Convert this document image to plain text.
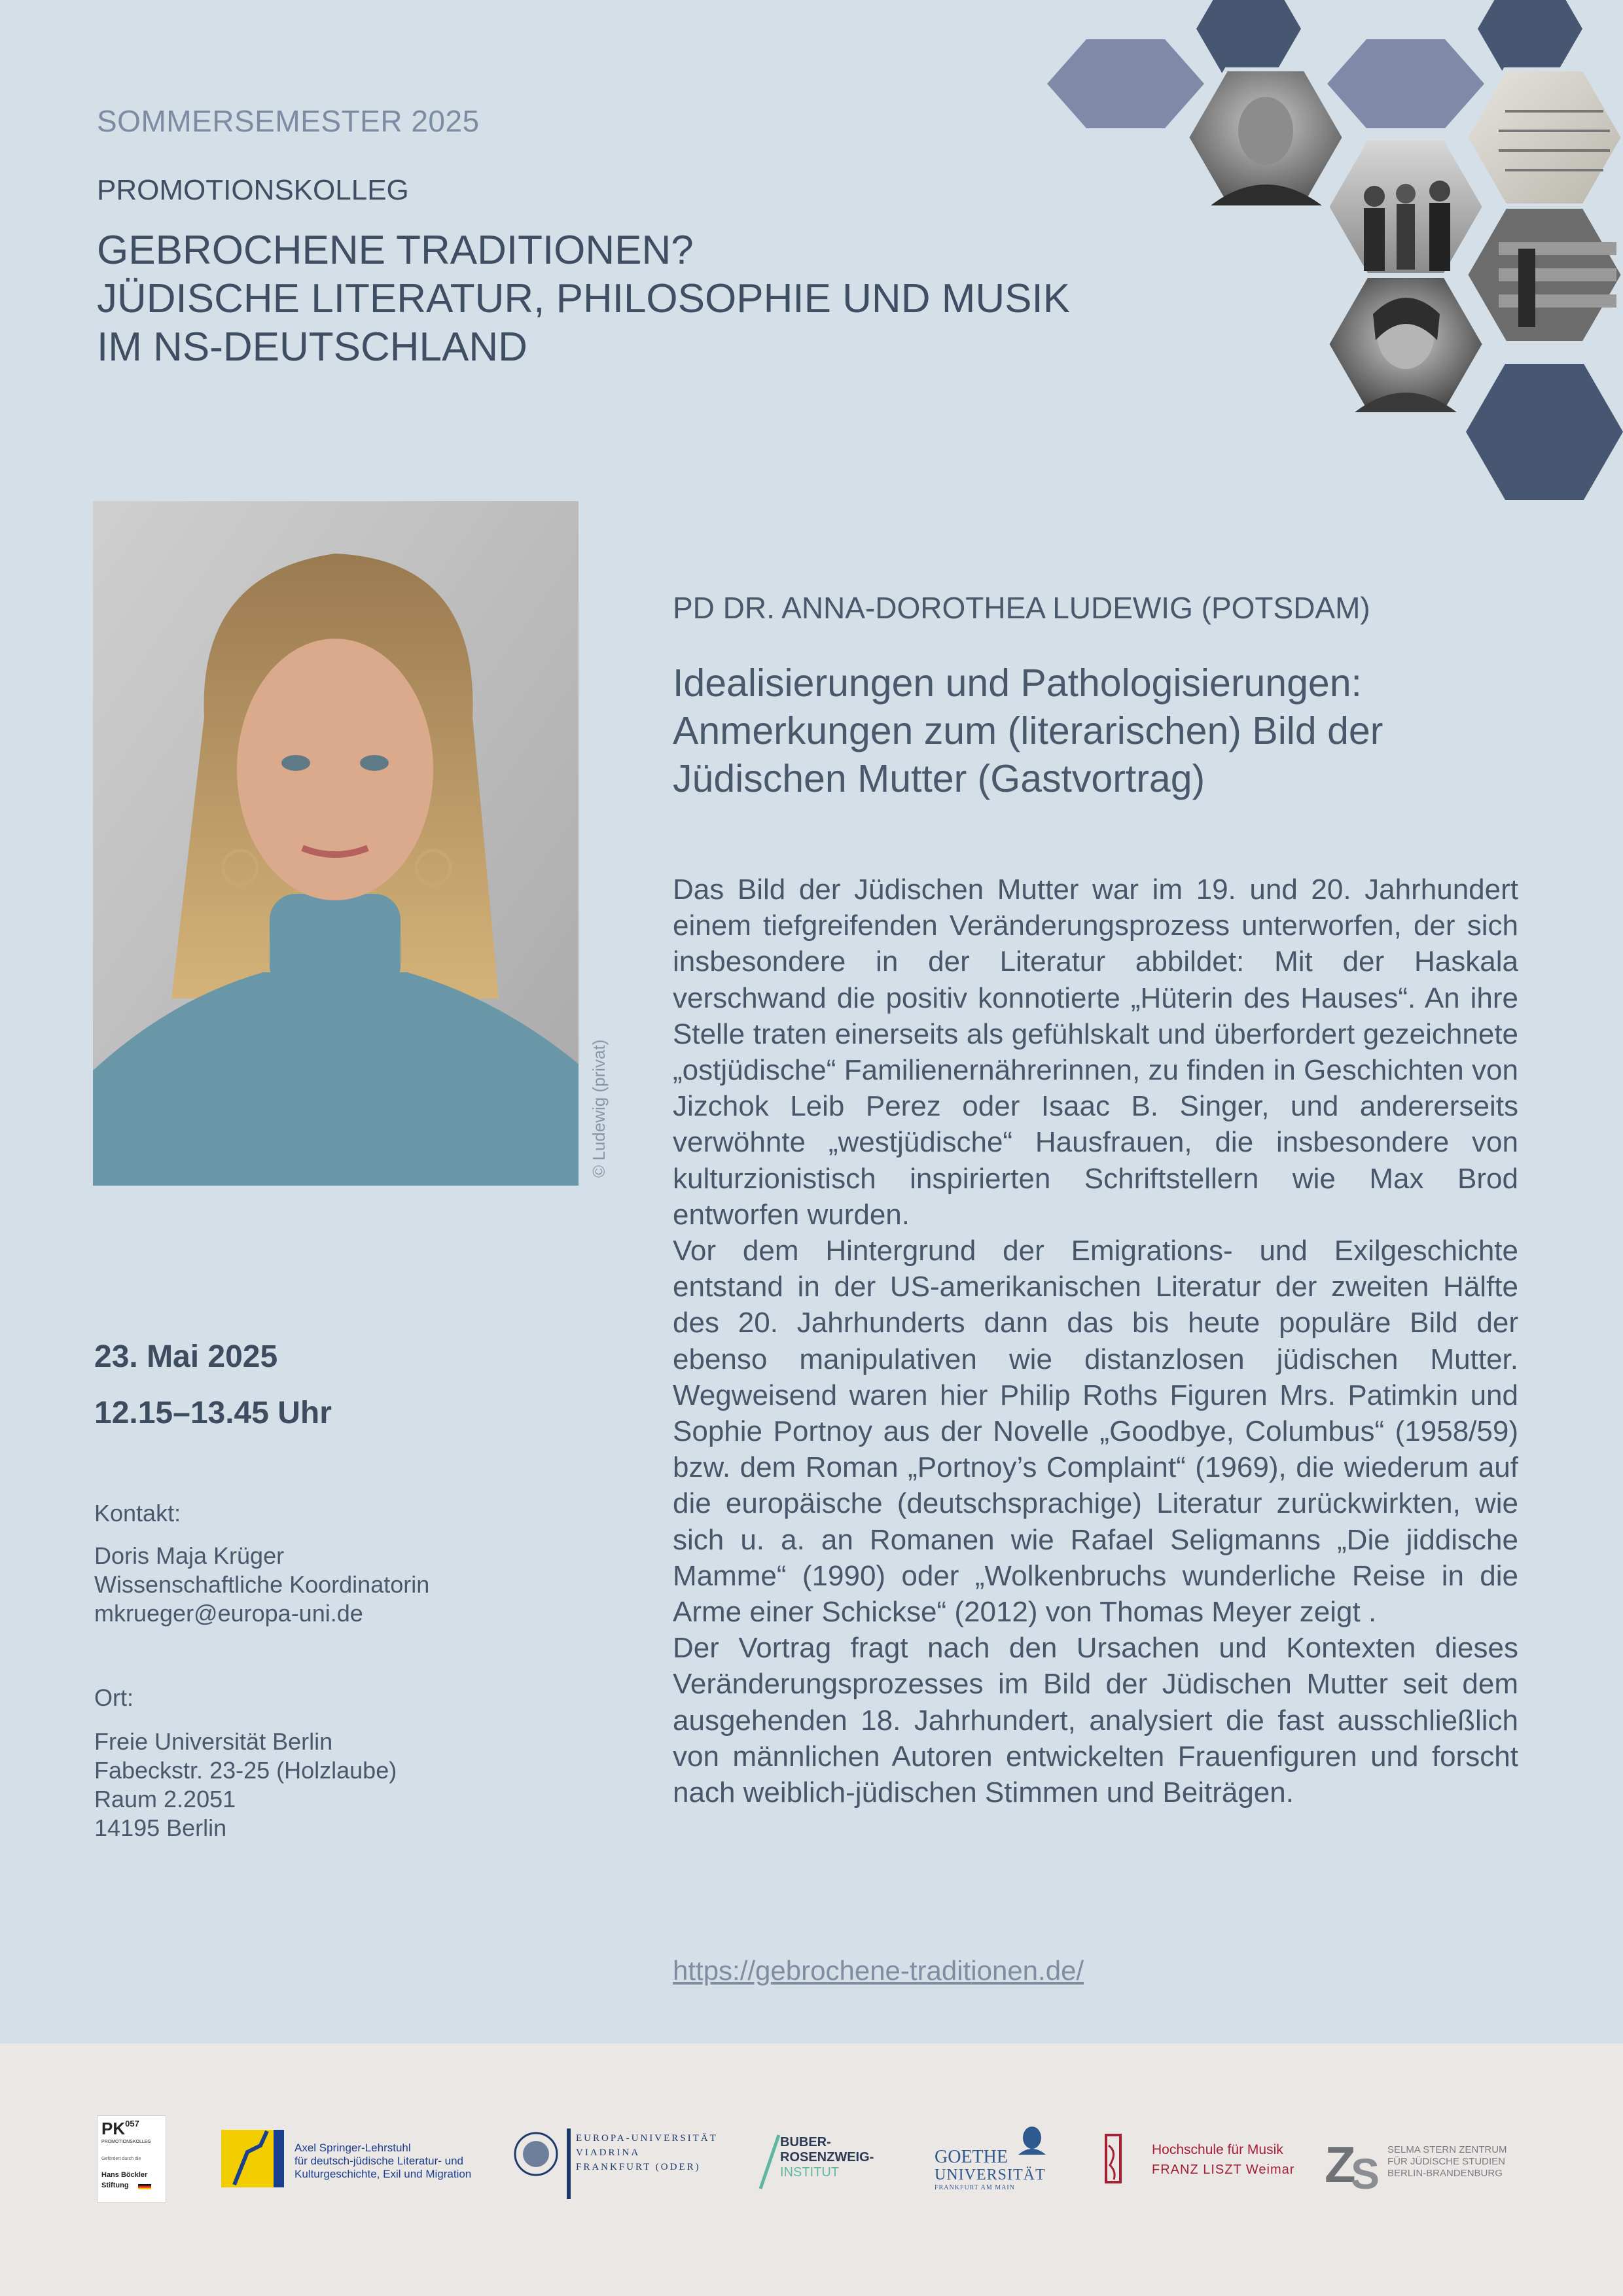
SOMMERSEMESTER 2025
PROMOTIONSKOLLEG
GEBROCHENE TRADITIONEN?
JÜDISCHE LITERATUR, PHILOSOPHIE UND MUSIK
IM NS-DEUTSCHLAND
© Ludewig (privat)
PD DR. ANNA-DOROTHEA LUDEWIG (POTSDAM)
Idealisierungen und Pathologisierungen:
Anmerkungen zum (literarischen) Bild der
Jüdischen Mutter (Gastvortrag)

Das Bild der Jüdischen Mutter war im 19. und 20. Jahrhundert einem tiefgreifenden Veränderungsprozess unterworfen, der sich insbesondere in der Literatur abbildet: Mit der Haskala verschwand die positiv konnotierte „Hüterin des Hauses“. An ihre Stelle traten einerseits als gefühlskalt und überfordert gezeichnete „ostjüdische“ Familienernährerinnen, zu finden in Geschichten von Jizchok Leib Perez oder Isaac B. Singer, und andererseits verwöhnte „westjüdische“ Hausfrauen, die insbesondere von kulturzionistisch inspirierten Schriftstellern wie Max Brod entworfen wurden.

Vor dem Hintergrund der Emigrations- und Exilgeschichte entstand in der US-amerikanischen Literatur der zweiten Hälfte des 20. Jahrhunderts dann das bis heute populäre Bild der ebenso manipulativen wie distanzlosen jüdischen Mutter. Wegweisend waren hier Philip Roths Figuren Mrs. Patimkin und Sophie Portnoy aus der Novelle „Goodbye, Columbus“ (1958/59) bzw. dem Roman „Portnoy’s Complaint“ (1969), die wiederum auf die europäische (deutschsprachige) Literatur zurückwirkten, wie sich u. a. an Romanen wie Rafael Seligmanns „Die jiddische Mamme“ (1990) oder „Wolkenbruchs wunderliche Reise in die Arme einer Schickse“ (2012) von Thomas Meyer zeigt .

Der Vortrag fragt nach den Ursachen und Kontexten dieses Veränderungsprozesses im Bild der Jüdischen Mutter seit dem ausgehenden 18. Jahrhundert, analysiert die fast ausschließlich von männlichen Autoren entwickelten Frauenfiguren und forscht nach weiblich-jüdischen Stimmen und Beiträgen.

https://gebrochene-traditionen.de/
23. Mai 2025
12.15–13.45 Uhr
Kontakt:
Doris Maja Krüger
Wissenschaftliche Koordinatorin
mkrueger@europa-uni.de
Ort:
Freie Universität Berlin
Fabeckstr. 23-25 (Holzlaube)
Raum 2.2051
14195 Berlin
PK$^{057}$
PROMOTIONSKOLLEG
Gefördert durch die
Hans Böckler
Stiftung
Axel Springer-Lehrstuhl
für deutsch-jüdische Literatur- und
Kulturgeschichte, Exil und Migration
EUROPA-UNIVERSITÄT
VIADRINA
FRANKFURT (ODER)
BUBER-
ROSENZWEIG-
INSTITUT
GOETHE
UNIVERSITÄT
FRANKFURT AM MAIN
Hochschule für Musik
FRANZ LISZT Weimar Z
S SELMA STERN ZENTRUM
FÜR JÜDISCHE STUDIEN
BERLIN-BRANDENBURG
